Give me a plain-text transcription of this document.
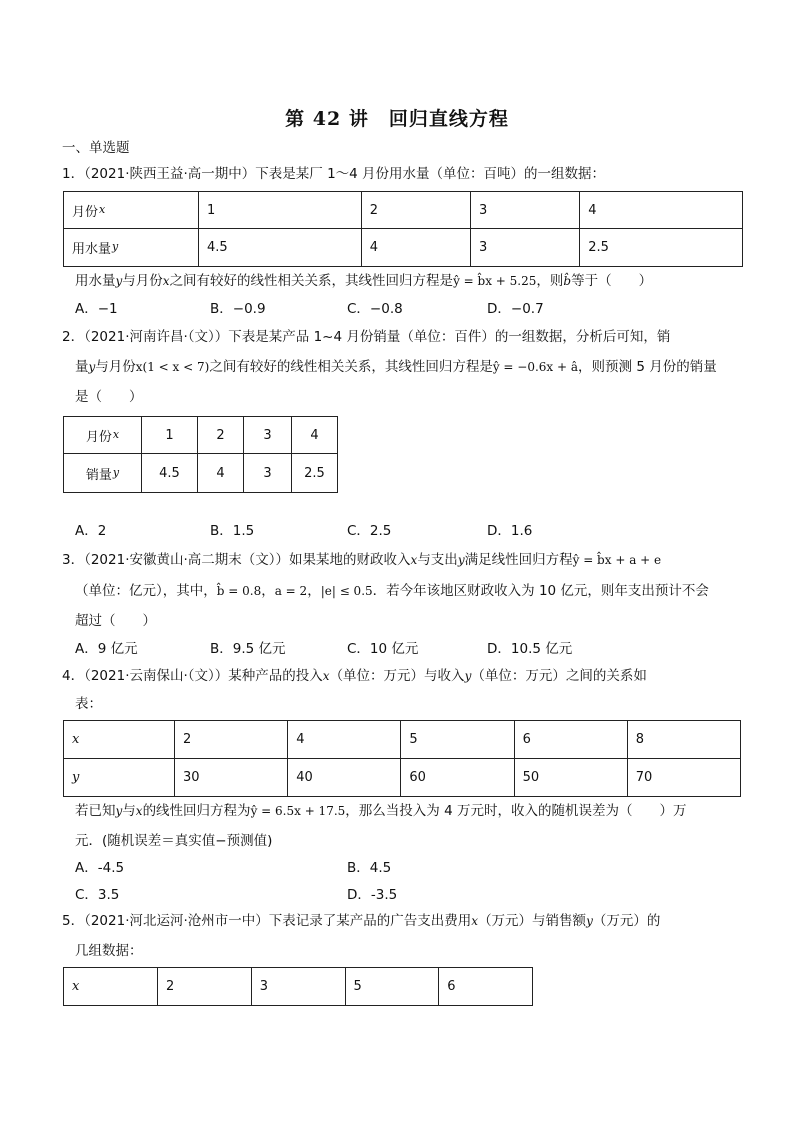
第 42 讲　回归直线方程
一、单选题
1．（2021·陕西王益·高一期中）下表是某厂 1～4 月份用水量（单位：百吨）的一组数据：
月份$^x$	1	2	3	4
用水量$^y$	4.5	4	3	2.5
用水量y与月份x之间有较好的线性相关关系，其线性回归方程是ŷ = b̂x + 5.25，则b̂等于（　　）
A．−1	B．−0.9	C．−0.8	D．−0.7
2．（2021·河南许昌·（文））下表是某产品 1~4 月份销量（单位：百件）的一组数据，分析后可知，销
量y与月份x(1 < x < 7)之间有较好的线性相关关系，其线性回归方程是ŷ = −0.6x + â，则预测 5 月份的销量
是（　　）
月份$^x$	1	2	3	4
销量$^y$	4.5	4	3	2.5
A．2	B．1.5	C．2.5	D．1.6
3．（2021·安徽黄山·高二期末（文））如果某地的财政收入x与支出y满足线性回归方程ŷ = b̂x + a + e
（单位：亿元），其中，b̂ = 0.8，a = 2，|e| ≤ 0.5．若今年该地区财政收入为 10 亿元，则年支出预计不会
超过（　　）
A．9 亿元	B．9.5 亿元	C．10 亿元	D．10.5 亿元
4．（2021·云南保山·（文））某种产品的投入x（单位：万元）与收入y（单位：万元）之间的关系如
表：
x	2	4	5	6	8
y	30	40	60	50	70
若已知y与x的线性回归方程为ŷ = 6.5x + 17.5，那么当投入为 4 万元时，收入的随机误差为（　　）万
元．(随机误差＝真实值−预测值)
A．-4.5	B．4.5
C．3.5	D．-3.5
5．（2021·河北运河·沧州市一中）下表记录了某产品的广告支出费用x（万元）与销售额y（万元）的
几组数据：
x	2	3	5	6
